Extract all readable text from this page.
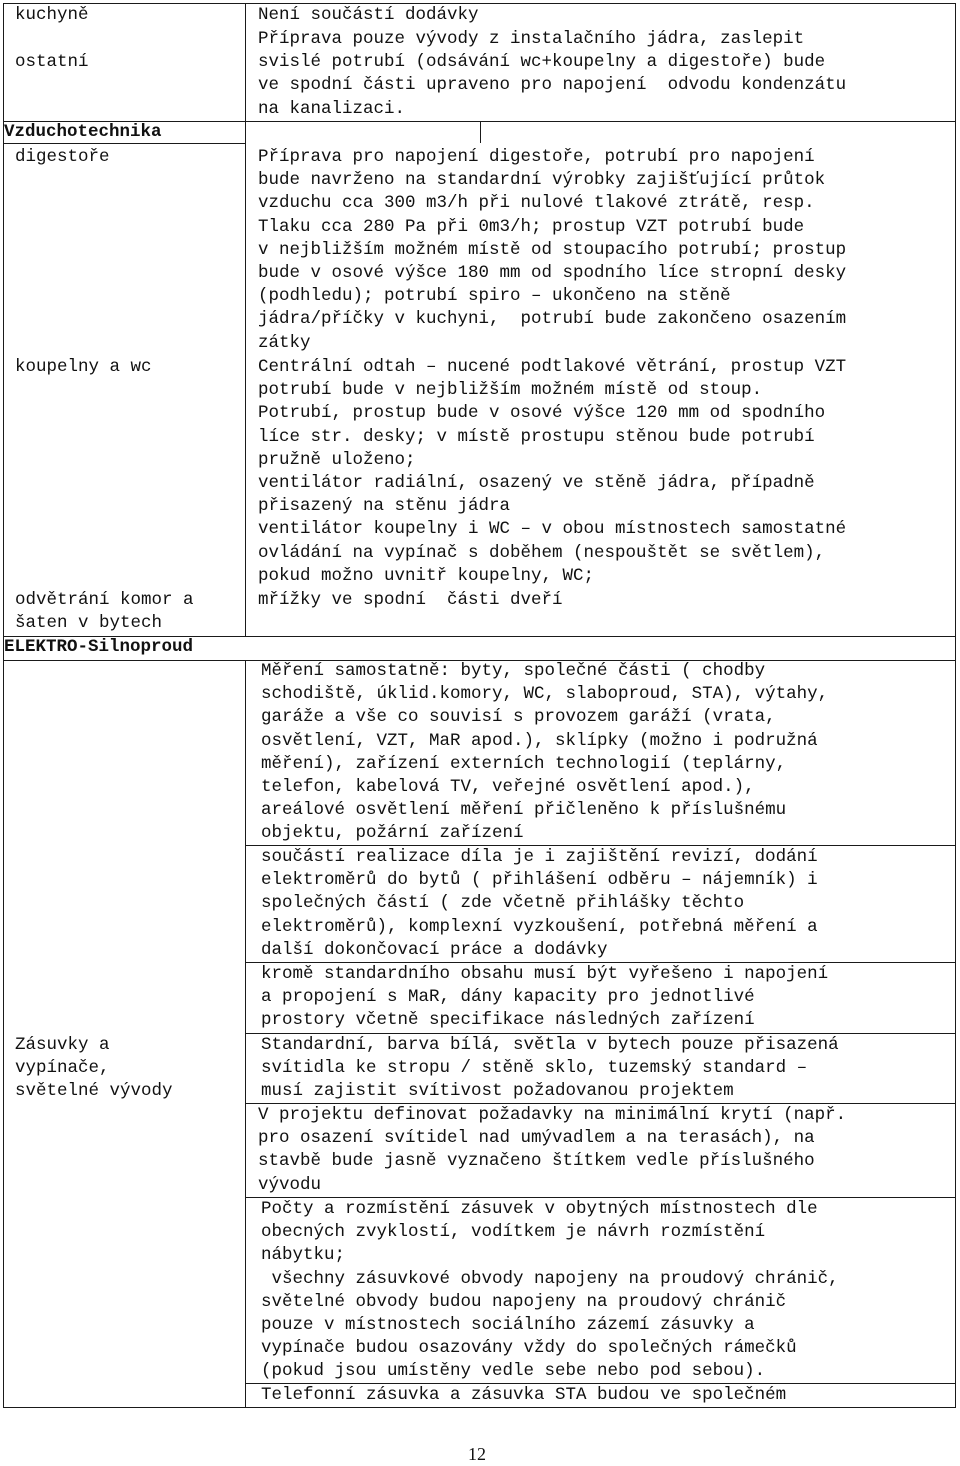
kuchyně
ostatní
Vzduchotechnika
digestoře
koupelny a wc
odvětrání komor a
šaten v bytech
ELEKTRO-Silnoproud
Zásuvky a
vypínače,
světelné vývody
Není součástí dodávky
Příprava pouze vývody z instalačního jádra, zaslepit
svislé potrubí (odsávání wc+koupelny a digestoře) bude
ve spodní části upraveno pro napojení  odvodu kondenzátu
na kanalizaci.
Příprava pro napojení digestoře, potrubí pro napojení
bude navrženo na standardní výrobky zajišťující průtok
vzduchu cca 300 m3/h při nulové tlakové ztrátě, resp.
Tlaku cca 280 Pa při 0m3/h; prostup VZT potrubí bude
v nejbližším možném místě od stoupacího potrubí; prostup
bude v osové výšce 180 mm od spodního líce stropní desky
(podhledu); potrubí spiro – ukončeno na stěně
jádra/příčky v kuchyni,  potrubí bude zakončeno osazením
zátky
Centrální odtah – nucené podtlakové větrání, prostup VZT
potrubí bude v nejbližším možném místě od stoup.
Potrubí, prostup bude v osové výšce 120 mm od spodního
líce str. desky; v místě prostupu stěnou bude potrubí
pružně uloženo;
ventilátor radiální, osazený ve stěně jádra, případně
přisazený na stěnu jádra
ventilátor koupelny i WC – v obou místnostech samostatné
ovládání na vypínač s doběhem (nespouštět se světlem),
pokud možno uvnitř koupelny, WC;
mřížky ve spodní  části dveří
Měření samostatně: byty, společné části ( chodby
schodiště, úklid.komory, WC, slaboproud, STA), výtahy,
garáže a vše co souvisí s provozem garáží (vrata,
osvětlení, VZT, MaR apod.), sklípky (možno i podružná
měření), zařízení externích technologií (teplárny,
telefon, kabelová TV, veřejné osvětlení apod.),
areálové osvětlení měření přičleněno k příslušnému
objektu, požární zařízení
součástí realizace díla je i zajištění revizí, dodání
elektroměrů do bytů ( přihlášení odběru – nájemník) i
společných částí ( zde včetně přihlášky těchto
elektroměrů), komplexní vyzkoušení, potřebná měření a
další dokončovací práce a dodávky
kromě standardního obsahu musí být vyřešeno i napojení
a propojení s MaR, dány kapacity pro jednotlivé
prostory včetně specifikace následných zařízení
Standardní, barva bílá, světla v bytech pouze přisazená
svítidla ke stropu / stěně sklo, tuzemský standard –
musí zajistit svítivost požadovanou projektem
V projektu definovat požadavky na minimální krytí (např.
pro osazení svítidel nad umývadlem a na terasách), na
stavbě bude jasně vyznačeno štítkem vedle příslušného
vývodu
Počty a rozmístění zásuvek v obytných místnostech dle
obecných zvyklostí, vodítkem je návrh rozmístění
nábytku;
všechny zásuvkové obvody napojeny na proudový chránič,
světelné obvody budou napojeny na proudový chránič
pouze v místnostech sociálního zázemí zásuvky a
vypínače budou osazovány vždy do společných rámečků
(pokud jsou umístěny vedle sebe nebo pod sebou).
Telefonní zásuvka a zásuvka STA budou ve společném
12
